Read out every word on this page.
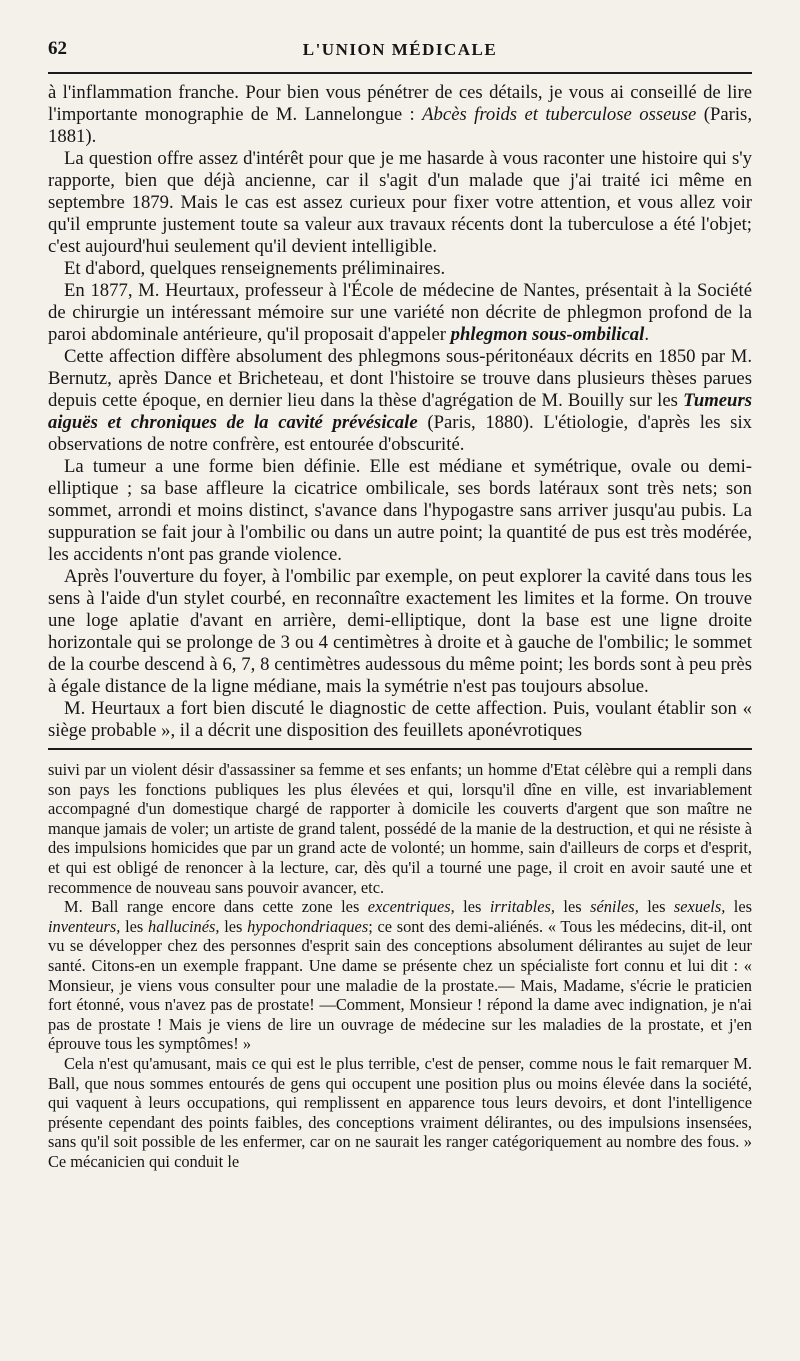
62	L'UNION MÉDICALE

à l'inflammation franche. Pour bien vous pénétrer de ces détails, je vous ai conseillé de lire l'importante monographie de M. Lannelongue : Abcès froids et tuberculose osseuse (Paris, 1881).

La question offre assez d'intérêt pour que je me hasarde à vous raconter une histoire qui s'y rapporte, bien que déjà ancienne, car il s'agit d'un malade que j'ai traité ici même en septembre 1879. Mais le cas est assez curieux pour fixer votre attention, et vous allez voir qu'il emprunte justement toute sa valeur aux travaux récents dont la tuberculose a été l'objet; c'est aujourd'hui seulement qu'il devient intelligible.

Et d'abord, quelques renseignements préliminaires.

En 1877, M. Heurtaux, professeur à l'École de médecine de Nantes, présentait à la Société de chirurgie un intéressant mémoire sur une variété non décrite de phlegmon profond de la paroi abdominale antérieure, qu'il proposait d'appeler phlegmon sous-ombilical.

Cette affection diffère absolument des phlegmons sous-péritonéaux décrits en 1850 par M. Bernutz, après Dance et Bricheteau, et dont l'histoire se trouve dans plusieurs thèses parues depuis cette époque, en dernier lieu dans la thèse d'agrégation de M. Bouilly sur les Tumeurs aiguës et chroniques de la cavité prévésicale (Paris, 1880). L'étiologie, d'après les six observations de notre confrère, est entourée d'obscurité.

La tumeur a une forme bien définie. Elle est médiane et symétrique, ovale ou demi-elliptique ; sa base affleure la cicatrice ombilicale, ses bords latéraux sont très nets; son sommet, arrondi et moins distinct, s'avance dans l'hypogastre sans arriver jusqu'au pubis. La suppuration se fait jour à l'ombilic ou dans un autre point; la quantité de pus est très modérée, les accidents n'ont pas grande violence.

Après l'ouverture du foyer, à l'ombilic par exemple, on peut explorer la cavité dans tous les sens à l'aide d'un stylet courbé, en reconnaître exactement les limites et la forme. On trouve une loge aplatie d'avant en arrière, demi-elliptique, dont la base est une ligne droite horizontale qui se prolonge de 3 ou 4 centimètres à droite et à gauche de l'ombilic; le sommet de la courbe descend à 6, 7, 8 centimètres audessous du même point; les bords sont à peu près à égale distance de la ligne médiane, mais la symétrie n'est pas toujours absolue.

M. Heurtaux a fort bien discuté le diagnostic de cette affection. Puis, voulant établir son « siège probable », il a décrit une disposition des feuillets aponévrotiques

suivi par un violent désir d'assassiner sa femme et ses enfants; un homme d'Etat célèbre qui a rempli dans son pays les fonctions publiques les plus élevées et qui, lorsqu'il dîne en ville, est invariablement accompagné d'un domestique chargé de rapporter à domicile les couverts d'argent que son maître ne manque jamais de voler; un artiste de grand talent, possédé de la manie de la destruction, et qui ne résiste à des impulsions homicides que par un grand acte de volonté; un homme, sain d'ailleurs de corps et d'esprit, et qui est obligé de renoncer à la lecture, car, dès qu'il a tourné une page, il croit en avoir sauté une et recommence de nouveau sans pouvoir avancer, etc.

M. Ball range encore dans cette zone les excentriques, les irritables, les séniles, les sexuels, les inventeurs, les hallucinés, les hypochondriaques; ce sont des demi-aliénés. « Tous les médecins, dit-il, ont vu se développer chez des personnes d'esprit sain des conceptions absolument délirantes au sujet de leur santé. Citons-en un exemple frappant. Une dame se présente chez un spécialiste fort connu et lui dit : « Monsieur, je viens vous consulter pour une maladie de la prostate.— Mais, Madame, s'écrie le praticien fort étonné, vous n'avez pas de prostate! —Comment, Monsieur ! répond la dame avec indignation, je n'ai pas de prostate ! Mais je viens de lire un ouvrage de médecine sur les maladies de la prostate, et j'en éprouve tous les symptômes! »

Cela n'est qu'amusant, mais ce qui est le plus terrible, c'est de penser, comme nous le fait remarquer M. Ball, que nous sommes entourés de gens qui occupent une position plus ou moins élevée dans la société, qui vaquent à leurs occupations, qui remplissent en apparence tous leurs devoirs, et dont l'intelligence présente cependant des points faibles, des conceptions vraiment délirantes, ou des impulsions insensées, sans qu'il soit possible de les enfermer, car on ne saurait les ranger catégoriquement au nombre des fous. » Ce mécanicien qui conduit le
